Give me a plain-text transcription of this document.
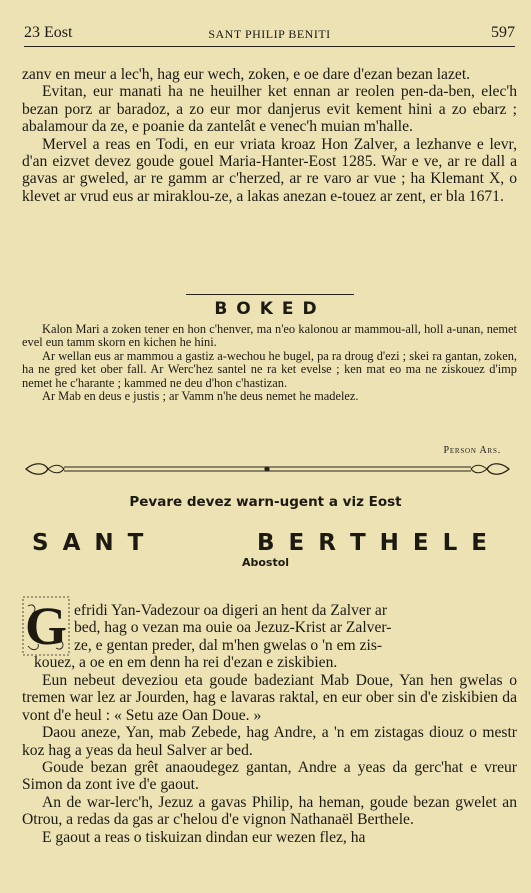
23 Eost	SANT PHILIP BENITI	597

zanv en meur a lec'h, hag eur wech, zoken, e oe dare d'ezan bezan lazet.

Evitan, eur manati ha ne heuilher ket ennan ar reolen pen-da-ben, elec'h bezan porz ar baradoz, a zo eur mor danjerus evit kement hini a zo ebarz ; abalamour da ze, e poanie da zantelât e venec'h muian m'halle.

Mervel a reas en Todi, en eur vriata kroaz Hon Zalver, a lezhanve e levr, d'an eizvet devez goude gouel Maria-Hanter-Eost 1285. War e ve, ar re dall a gavas ar gweled, ar re gamm ar c'herzed, ar re varo ar vue ; ha Klemant X, o klevet ar vrud eus ar miraklou-ze, a lakas anezan e-touez ar zent, er bla 1671.

B O K E D

Kalon Mari a zoken tener en hon c'henver, ma n'eo kalonou ar mammou-all, holl a-unan, nemet evel eun tamm skorn en kichen he hini.

Ar wellan eus ar mammou a gastiz a-wechou he bugel, pa ra droug d'ezi ; skei ra gantan, zoken, ha ne gred ket ober fall. Ar Werc'hez santel ne ra ket evelse ; ken mat eo ma ne ziskouez d'imp nemet he c'harante ; kammed ne deu d'hon c'hastizan.

Ar Mab en deus e justis ; ar Vamm n'he deus nemet he madelez.

Person Ars.
Pevare devez warn-ugent a viz Eost
S A N T	B E R T H E L E
Abostol
G efridi Yan-Vadezour oa digeri an hent da Zalver ar

bed, hag o vezan ma ouie oa Jezuz-Krist ar Zalver-

ze, e gentan preder, dal m'hen gwelas o 'n em zis-

kouez, a oe en em denn ha rei d'ezan e ziskibien.

Eun nebeut deveziou eta goude badeziant Mab Doue, Yan hen gwelas o tremen war lez ar Jourden, hag e lavaras raktal, en eur ober sin d'e ziskibien da vont d'e heul : « Setu aze Oan Doue. »

Daou aneze, Yan, mab Zebede, hag Andre, a 'n em zistagas diouz o mestr koz hag a yeas da heul Salver ar bed.

Goude bezan grêt anaoudegez gantan, Andre a yeas da gerc'hat e vreur Simon da zont ive d'e gaout.

An de war-lerc'h, Jezuz a gavas Philip, ha heman, goude bezan gwelet an Otrou, a redas da gas ar c'helou d'e vignon Nathanaël Berthele.

E gaout a reas o tiskuizan dindan eur wezen flez, ha
